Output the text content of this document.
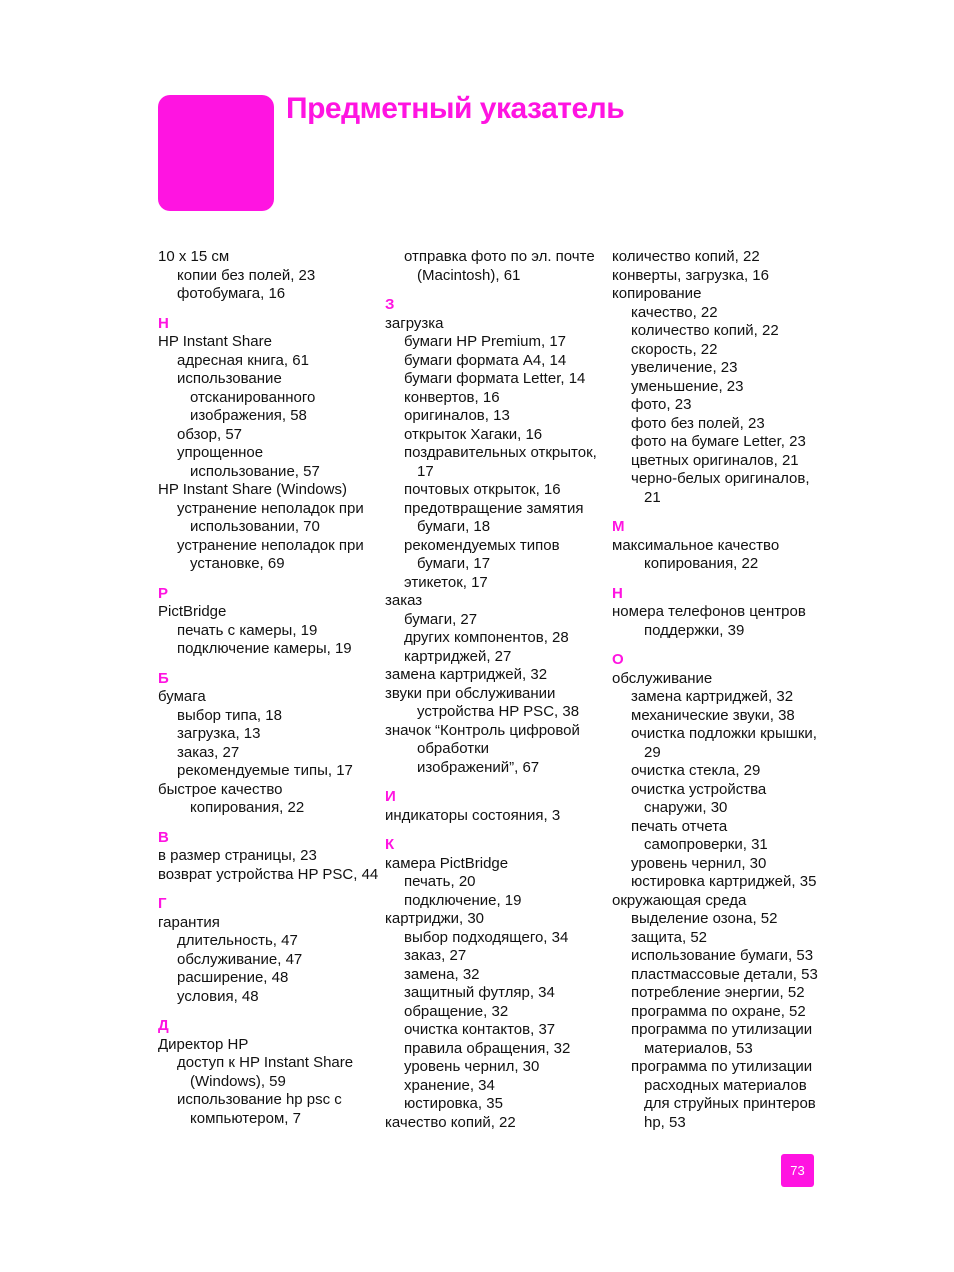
Предметный указатель
10 x 15 см
копии без полей, 23
фотобумага, 16
H
HP Instant Share
адресная книга, 61
использование
отсканированного
изображения, 58
обзор, 57
упрощенное
использование, 57
HP Instant Share (Windows)
устранение неполадок при
использовании, 70
устранение неполадок при
установке, 69
P
PictBridge
печать с камеры, 19
подключение камеры, 19
Б
бумага
выбор типа, 18
загрузка, 13
заказ, 27
рекомендуемые типы, 17
быстрое качество
копирования, 22
В
в размер страницы, 23
возврат устройства HP PSC, 44
Г
гарантия
длительность, 47
обслуживание, 47
расширение, 48
условия, 48
Д
Директор HP
доступ к HP Instant Share
(Windows), 59
использование hp psc с
компьютером, 7
отправка фото по эл. почте
(Macintosh), 61
З
загрузка
бумаги HP Premium, 17
бумаги формата А4, 14
бумаги формата Letter, 14
конвертов, 16
оригиналов, 13
открыток Хагаки, 16
поздравительных открыток,
17
почтовых открыток, 16
предотвращение замятия
бумаги, 18
рекомендуемых типов
бумаги, 17
этикеток, 17
заказ
бумаги, 27
других компонентов, 28
картриджей, 27
замена картриджей, 32
звуки при обслуживании
устройства HP PSC, 38
значок “Контроль цифровой
обработки
изображений”, 67
И
индикаторы состояния, 3
К
камера PictBridge
печать, 20
подключение, 19
картриджи, 30
выбор подходящего, 34
заказ, 27
замена, 32
защитный футляр, 34
обращение, 32
очистка контактов, 37
правила обращения, 32
уровень чернил, 30
хранение, 34
юстировка, 35
качество копий, 22
количество копий, 22
конверты, загрузка, 16
копирование
качество, 22
количество копий, 22
скорость, 22
увеличение, 23
уменьшение, 23
фото, 23
фото без полей, 23
фото на бумаге Letter, 23
цветных оригиналов, 21
черно-белых оригиналов,
21
М
максимальное качество
копирования, 22
Н
номера телефонов центров
поддержки, 39
О
обслуживание
замена картриджей, 32
механические звуки, 38
очистка подложки крышки,
29
очистка стекла, 29
очистка устройства
снаружи, 30
печать отчета
самопроверки, 31
уровень чернил, 30
юстировка картриджей, 35
окружающая среда
выделение озона, 52
защита, 52
использование бумаги, 53
пластмассовые детали, 53
потребление энергии, 52
программа по охране, 52
программа по утилизации
материалов, 53
программа по утилизации
расходных материалов
для струйных принтеров
hp, 53
73
